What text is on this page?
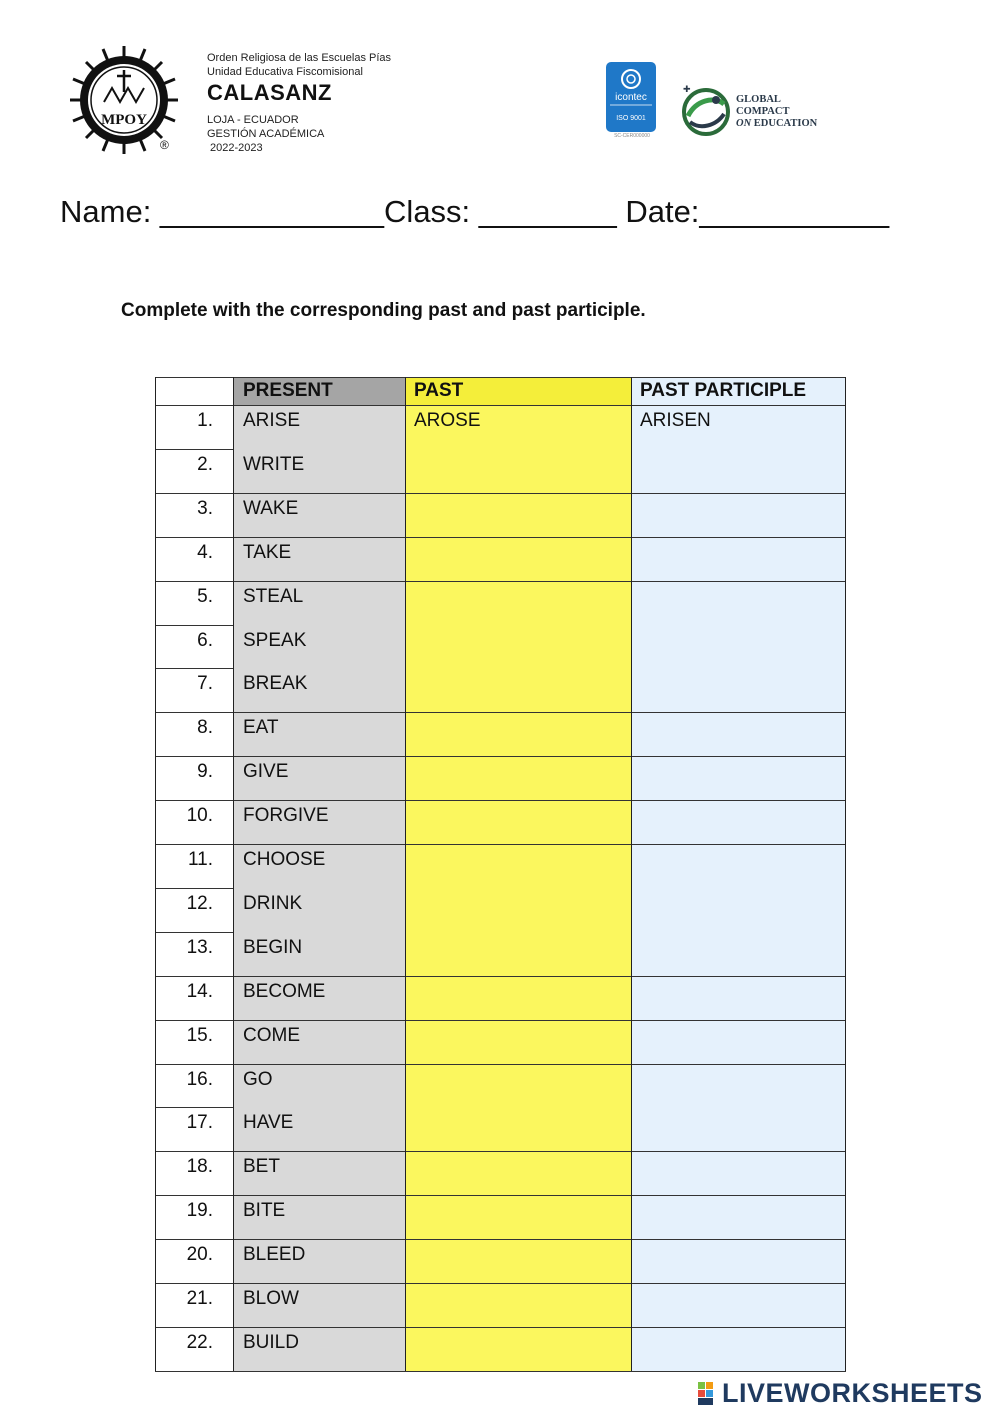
MPOY
®
Orden Religiosa de las Escuelas Pías
Unidad Educativa Fiscomisional
CALASANZ
LOJA - ECUADOR
GESTIÓN ACADÉMICA
2022-2023
icontec
ISO 9001
SC-CER000000
✚
GLOBAL
COMPACT
ON EDUCATION
Name: _____________Class: ________ Date:___________
Complete with the corresponding past and past participle.
PRESENT	PAST	PAST PARTICIPLE
1. ARISE	AROSE	ARISEN
2. WRITE
3. WAKE
4. TAKE
5. STEAL
6. SPEAK
7. BREAK
8. EAT
9. GIVE
10. FORGIVE
11. CHOOSE
12. DRINK
13. BEGIN
14. BECOME
15. COME
16. GO
17. HAVE
18. BET
19. BITE
20. BLEED
21. BLOW
22. BUILD
LIVEWORKSHEETS
